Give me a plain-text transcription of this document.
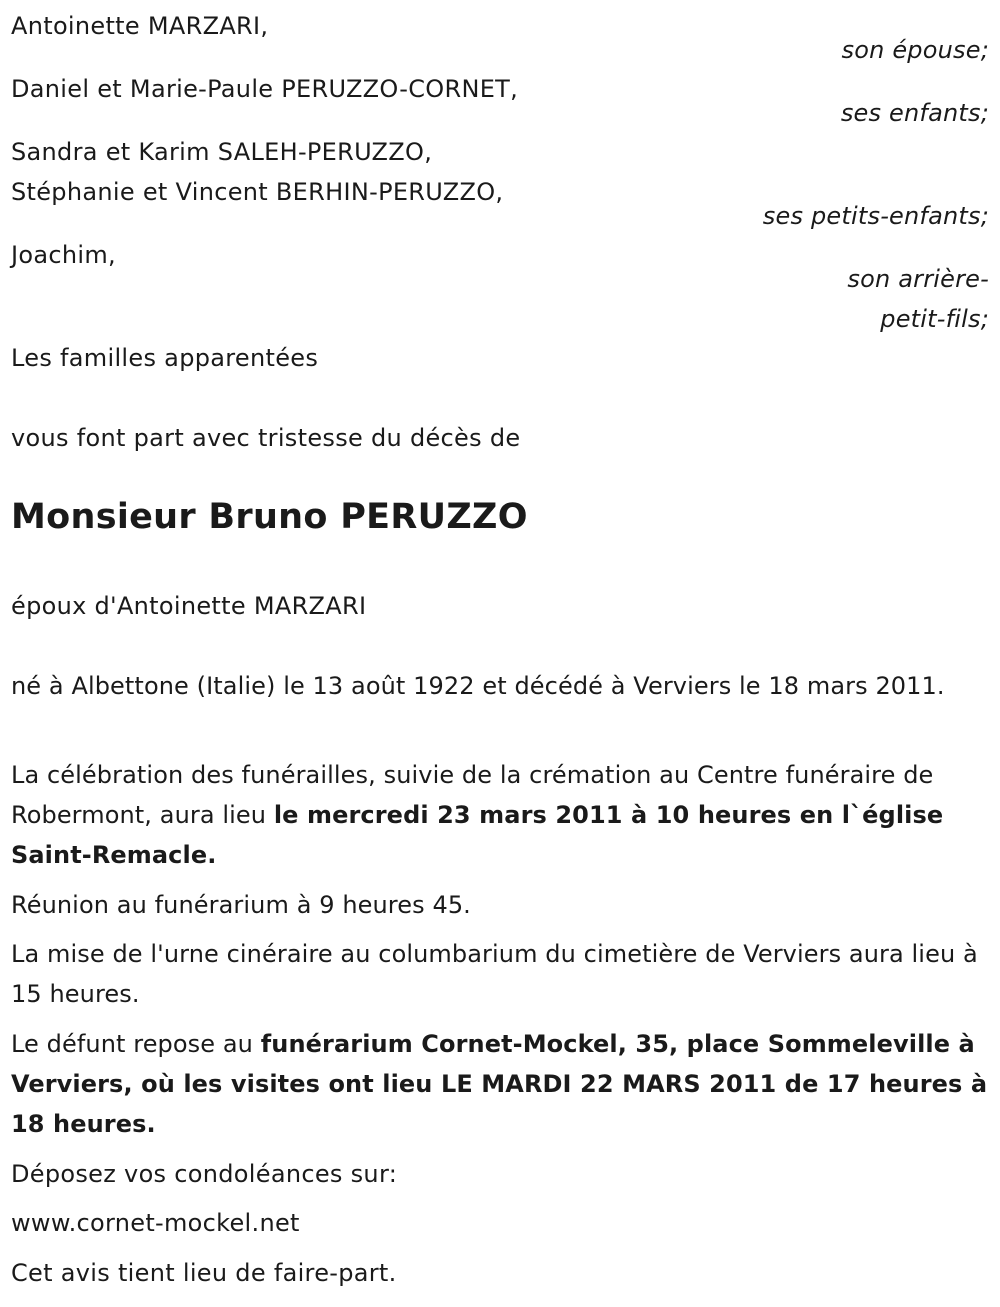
Antoinette MARZARI,
son épouse;
Daniel et Marie-Paule PERUZZO-CORNET,
ses enfants;
Sandra et Karim SALEH-PERUZZO,
Stéphanie et Vincent BERHIN-PERUZZO,
ses petits-enfants;
Joachim,
son arrière-
petit-fils;
Les familles apparentées
vous font part avec tristesse du décès de
Monsieur Bruno PERUZZO
époux d'Antoinette MARZARI
né à Albettone (Italie) le 13 août 1922 et décédé à Verviers le 18 mars 2011.
La célébration des funérailles, suivie de la crémation au Centre funéraire de Robermont, aura lieu le mercredi 23 mars 2011 à 10 heures en l`église Saint-Remacle.
Réunion au funérarium à 9 heures 45.
La mise de l'urne cinéraire au columbarium du cimetière de Verviers aura lieu à 15 heures.
Le défunt repose au funérarium Cornet-Mockel, 35, place Sommeleville à Verviers, où les visites ont lieu LE MARDI 22 MARS 2011 de 17 heures à 18 heures.
Déposez vos condoléances sur:
www.cornet-mockel.net
Cet avis tient lieu de faire-part.
